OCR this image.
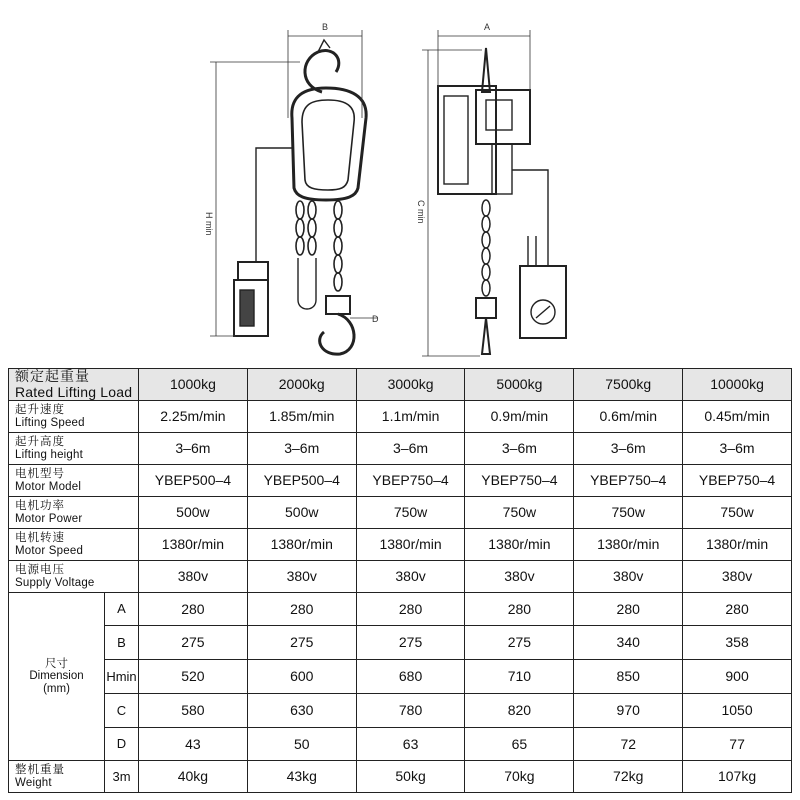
B
H min
D
A
C min
额定起重量
Rated Lifting Load		1000kg	2000kg	3000kg	5000kg	7500kg	10000kg

起升速度
Lifting Speed		2.25m/min	1.85m/min	1.1m/min	0.9m/min	0.6m/min	0.45m/min

起升高度
Lifting height		3–6m	3–6m	3–6m	3–6m	3–6m	3–6m

电机型号
Motor Model		YBEP500–4	YBEP500–4	YBEP750–4	YBEP750–4	YBEP750–4	YBEP750–4

电机功率
Motor Power		500w	500w	750w	750w	750w	750w

电机转速
Motor Speed		1380r/min	1380r/min	1380r/min	1380r/min	1380r/min	1380r/min

电源电压
Supply Voltage		380v	380v	380v	380v	380v	380v

尺寸
Dimension
(mm)	A	280	280	280	280	280	280
	B	275	275	275	275	340	358
	Hmin	520	600	680	710	850	900
	C	580	630	780	820	970	1050
	D	43	50	63	65	72	77

整机重量
Weight	3m	40kg	43kg	50kg	70kg	72kg	107kg
